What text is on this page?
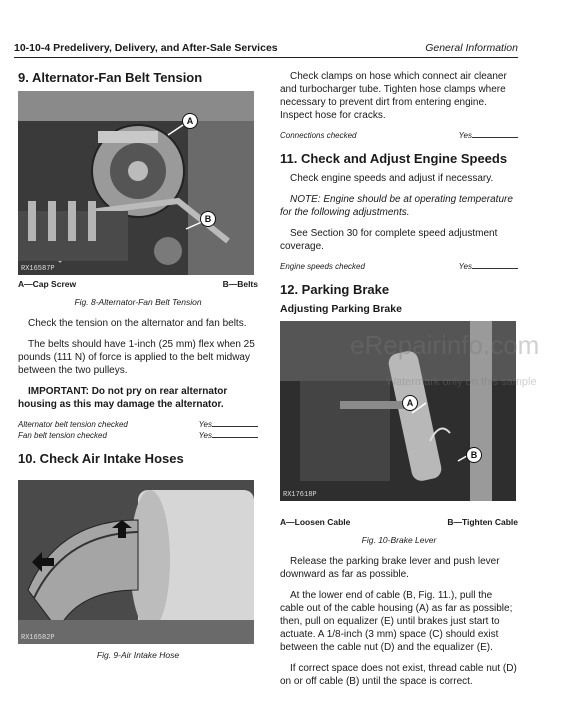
10-10-4 Predelivery, Delivery, and After-Sale Services	General Information
9. Alternator-Fan Belt Tension
A
B
RX16587P
A—Cap Screw	B—Belts
Fig. 8-Alternator-Fan Belt Tension

Check the tension on the alternator and fan belts.

The belts should have 1-inch (25 mm) flex when 25 pounds (111 N) of force is applied to the belt midway between the two pulleys.

IMPORTANT: Do not pry on rear alternator housing as this may damage the alternator.

Alternator belt tension checked	Yes
Fan belt tension checked	Yes
10. Check Air Intake Hoses
RX16582P
Fig. 9-Air Intake Hose

Check clamps on hose which connect air cleaner and turbocharger tube. Tighten hose clamps where necessary to prevent dirt from entering engine. Inspect hose for cracks.

Connections checked	Yes
11. Check and Adjust Engine Speeds

Check engine speeds and adjust if necessary.

NOTE: Engine should be at operating temperature for the following adjustments.

See Section 30 for complete speed adjustment coverage.

Engine speeds checked	Yes
12. Parking Brake
Adjusting Parking Brake
A
B
RX17618P
A—Loosen Cable	B—Tighten Cable
Fig. 10-Brake Lever

Release the parking brake lever and push lever downward as far as possible.

At the lower end of cable (B, Fig. 11.), pull the cable out of the cable housing (A) as far as possible; then, pull on equalizer (E) until brakes just start to actuate. A 1/8-inch (3 mm) space (C) should exist between the cable nut (D) and the equalizer (E).

If correct space does not exist, thread cable nut (D) on or off cable (B) until the space is correct.

eRepairinfo.com
Watermark only on this sample
